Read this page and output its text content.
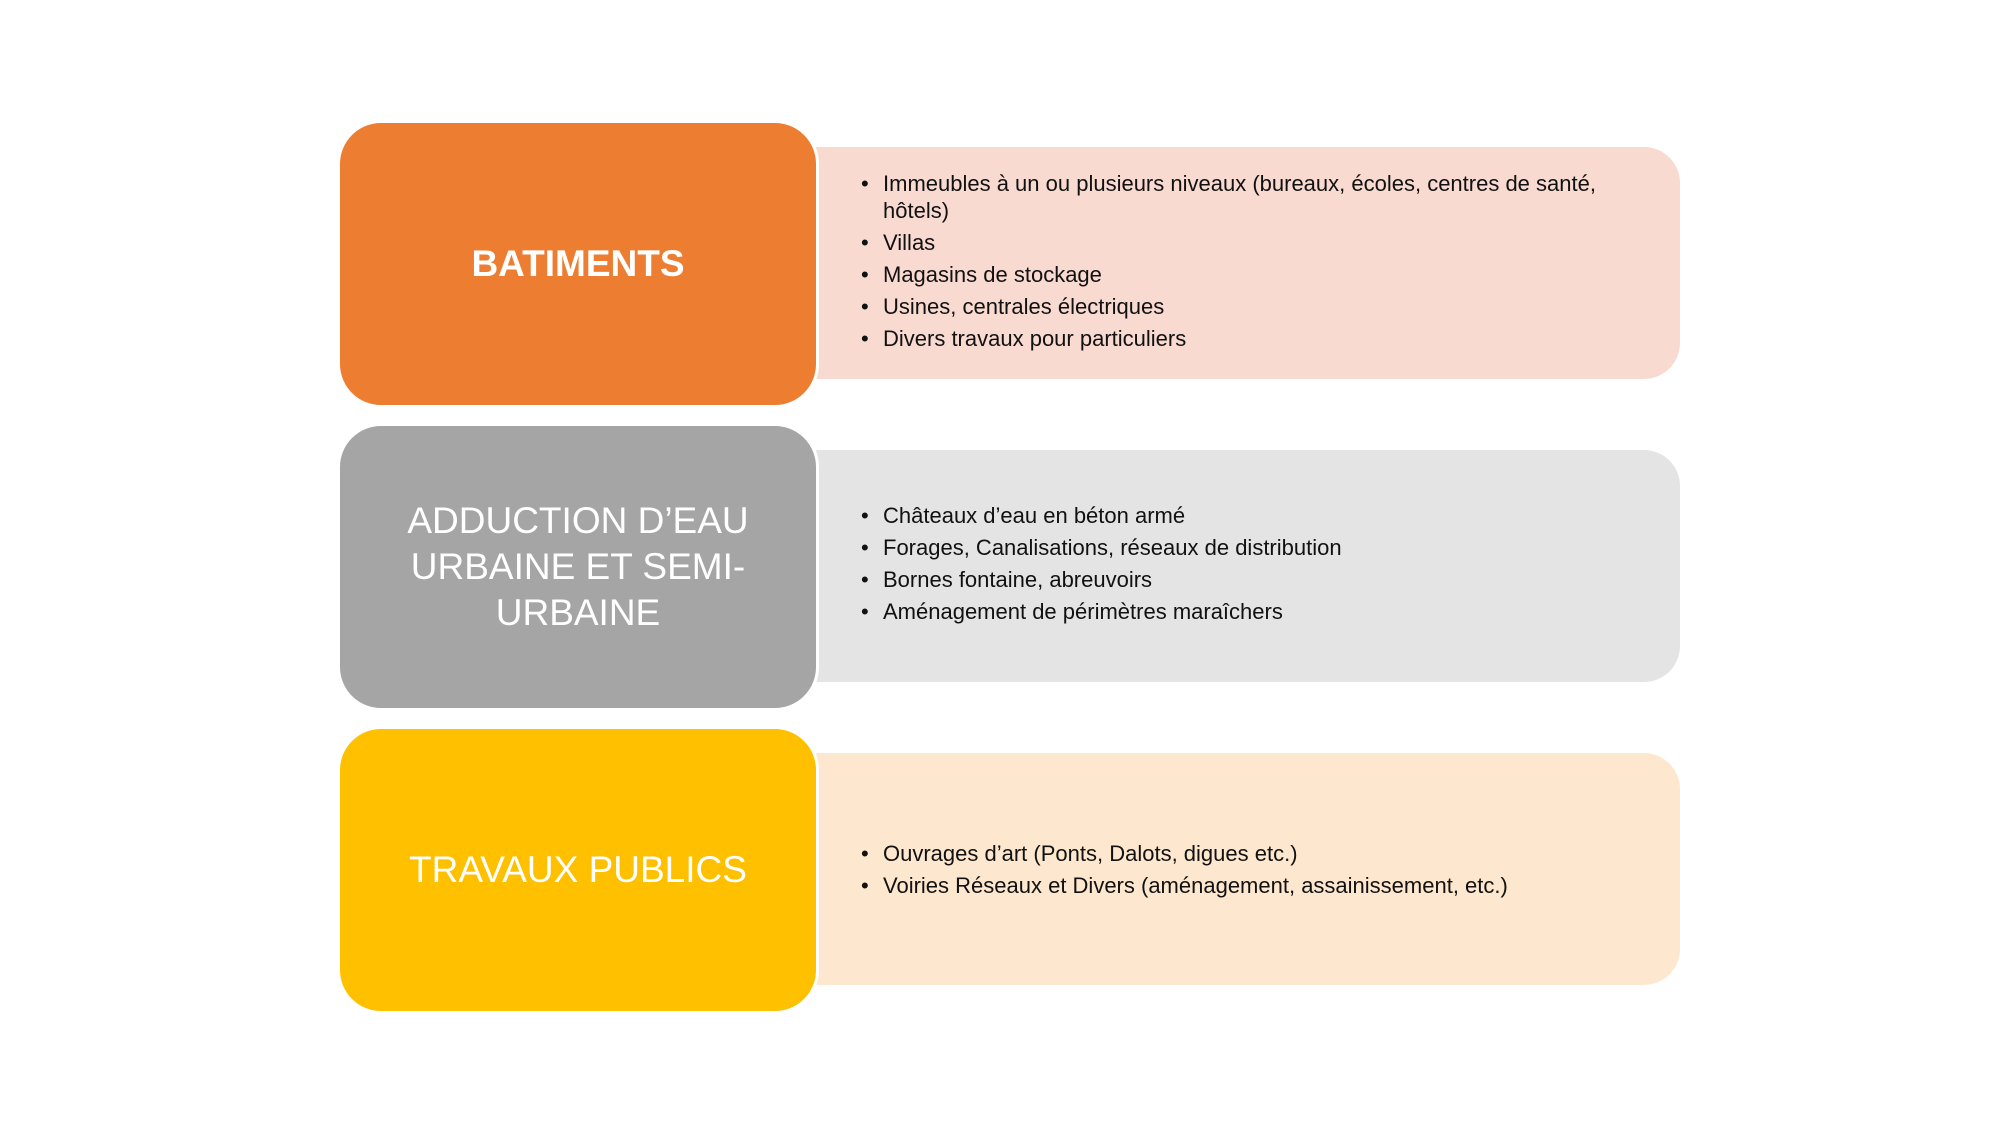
• Immeubles à un ou plusieurs niveaux (bureaux, écoles, centres de santé, hôtels)
• Villas
• Magasins de stockage
• Usines, centrales électriques
• Divers travaux pour particuliers
BATIMENTS
• Châteaux d’eau en béton armé
• Forages, Canalisations, réseaux de distribution
• Bornes fontaine, abreuvoirs
• Aménagement de périmètres maraîchers
ADDUCTION D’EAU URBAINE ET SEMI-URBAINE
• Ouvrages d’art (Ponts, Dalots, digues etc.)
• Voiries Réseaux et Divers (aménagement, assainissement, etc.)
TRAVAUX PUBLICS
